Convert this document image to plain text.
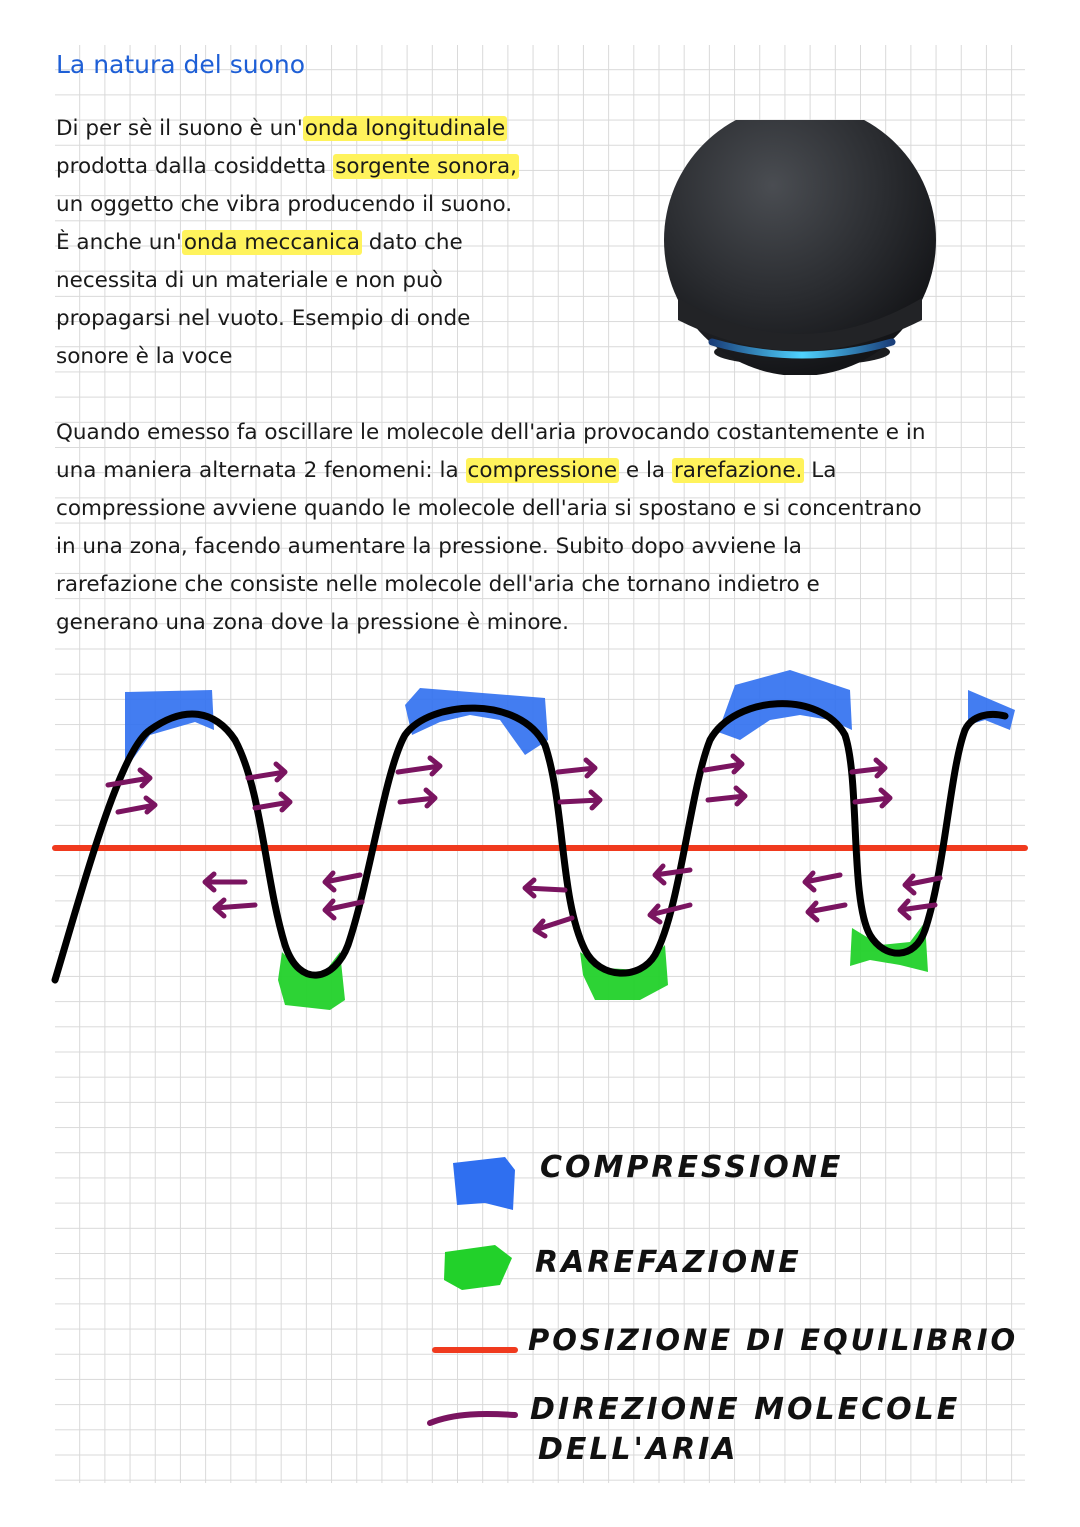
La natura del suono

Di per sè il suono è un'onda longitudinale

prodotta dalla cosiddetta sorgente sonora,

un oggetto che vibra producendo il suono.

È anche un'onda meccanica dato che

necessita di un materiale e non può

propagarsi nel vuoto. Esempio di onde

sonore è la voce

Quando emesso fa oscillare le molecole dell'aria provocando costantemente e in

una maniera alternata 2 fenomeni: la compressione e la rarefazione. La

compressione avviene quando le molecole dell'aria si spostano e si concentrano

in una zona, facendo aumentare la pressione. Subito dopo avviene la

rarefazione che consiste nelle molecole dell'aria che tornano indietro e

generano una zona dove la pressione è minore.

COMPRESSIONE
RAREFAZIONE
POSIZIONE DI EQUILIBRIO
DIREZIONE MOLECOLE
DELL'ARIA
